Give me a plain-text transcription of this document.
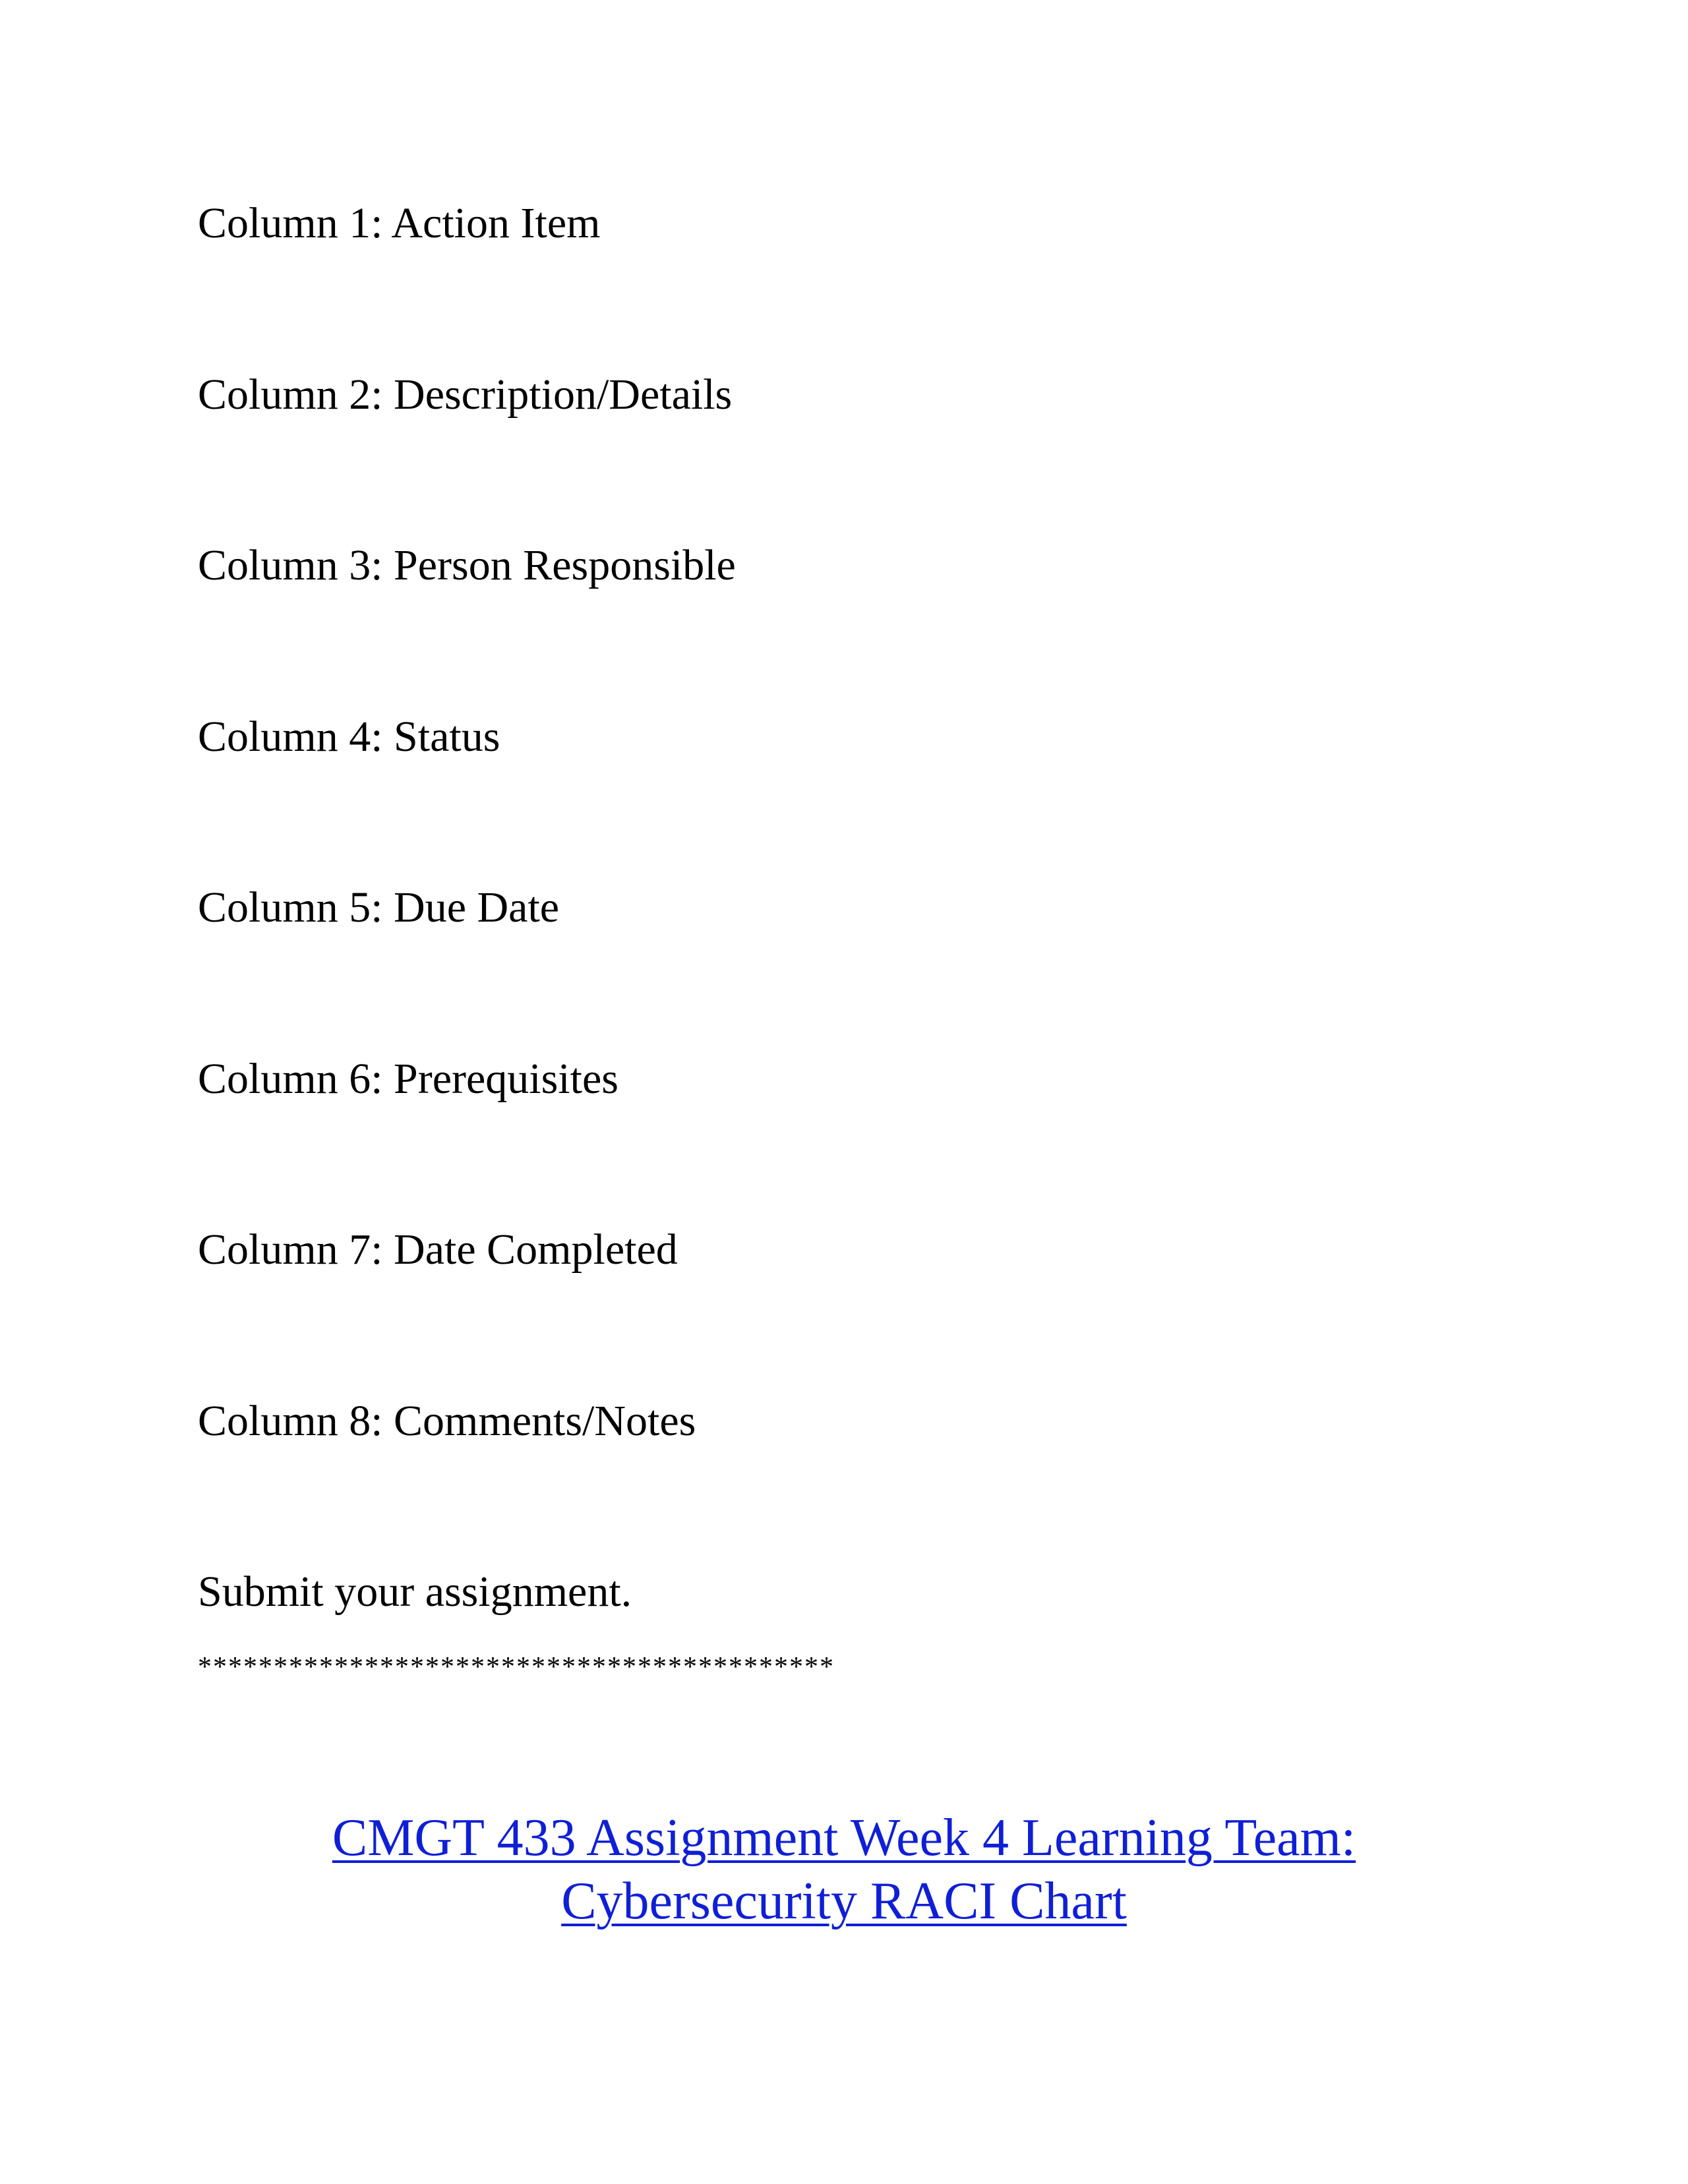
Column 1: Action Item
Column 2: Description/Details
Column 3: Person Responsible
Column 4: Status
Column 5: Due Date
Column 6: Prerequisites
Column 7: Date Completed
Column 8: Comments/Notes
Submit your assignment.
******************************************
CMGT 433 Assignment Week 4 Learning Team:
Cybersecurity RACI Chart
